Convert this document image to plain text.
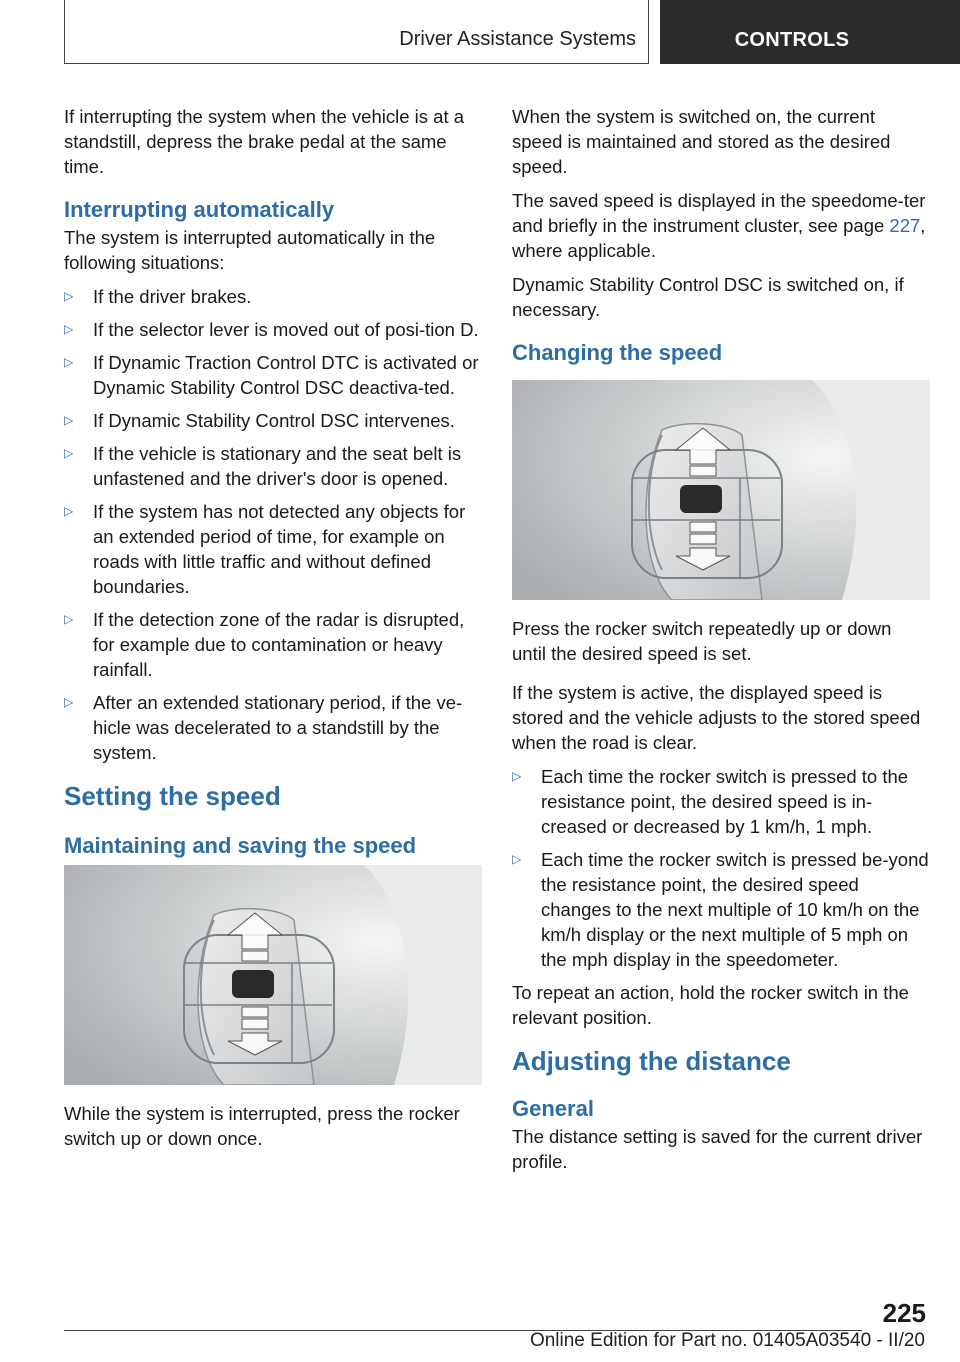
Driver Assistance Systems	CONTROLS

If interrupting the system when the vehicle is at a standstill, depress the brake pedal at the same time.

Interrupting automatically

The system is interrupted automatically in the following situations:

▷ If the driver brakes.
▷ If the selector lever is moved out of posi-tion D.
▷ If Dynamic Traction Control DTC is activated or Dynamic Stability Control DSC deactiva-ted.
▷ If Dynamic Stability Control DSC intervenes.
▷ If the vehicle is stationary and the seat belt is unfastened and the driver's door is opened.
▷ If the system has not detected any objects for an extended period of time, for example on roads with little traffic and without defined boundaries.
▷ If the detection zone of the radar is disrupted, for example due to contamination or heavy rainfall.
▷ After an extended stationary period, if the ve-hicle was decelerated to a standstill by the system.
Setting the speed
Maintaining and saving the speed

While the system is interrupted, press the rocker switch up or down once.

When the system is switched on, the current speed is maintained and stored as the desired speed.

The saved speed is displayed in the speedome-ter and briefly in the instrument cluster, see page 227, where applicable.

Dynamic Stability Control DSC is switched on, if necessary.

Changing the speed

Press the rocker switch repeatedly up or down until the desired speed is set.

If the system is active, the displayed speed is stored and the vehicle adjusts to the stored speed when the road is clear.

▷ Each time the rocker switch is pressed to the resistance point, the desired speed is in-creased or decreased by 1 km/h, 1 mph.
▷ Each time the rocker switch is pressed be-yond the resistance point, the desired speed changes to the next multiple of 10 km/h on the km/h display or the next multiple of 5 mph on the mph display in the speedometer.

To repeat an action, hold the rocker switch in the relevant position.

Adjusting the distance
General

The distance setting is saved for the current driver profile.

225
Online Edition for Part no. 01405A03540 - II/20
